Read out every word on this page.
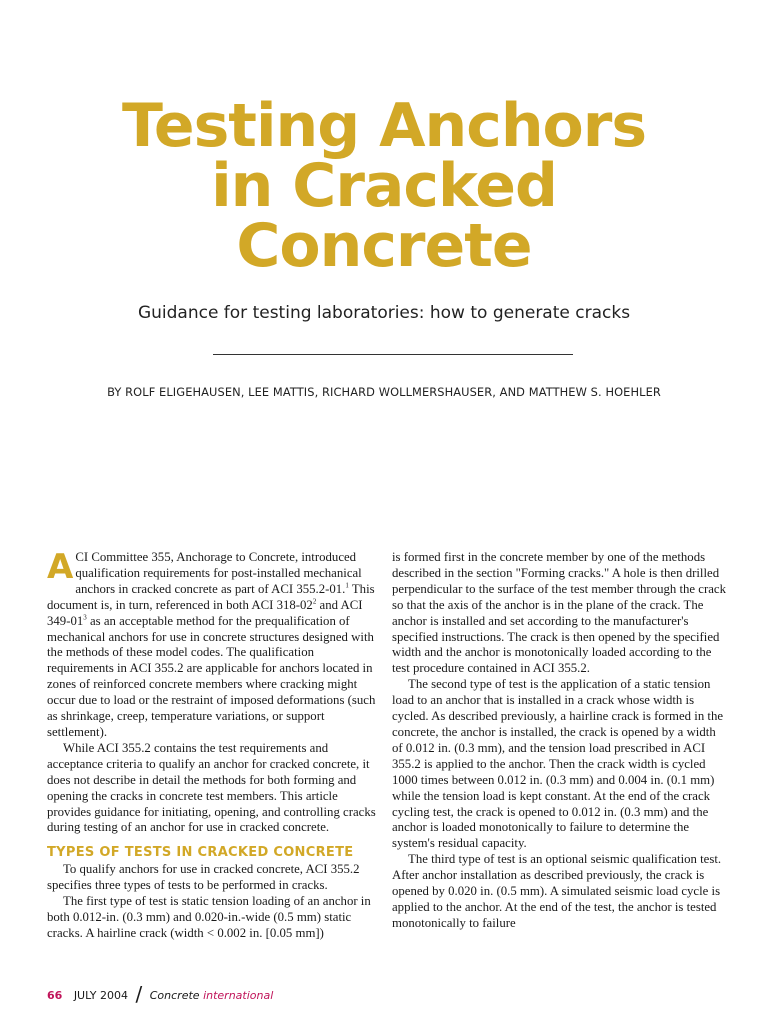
Testing Anchors
in Cracked
Concrete
Guidance for testing laboratories: how to generate cracks
BY ROLF ELIGEHAUSEN, LEE MATTIS, RICHARD WOLLMERSHAUSER, AND MATTHEW S. HOEHLER

ACI Committee 355, Anchorage to Concrete, introduced qualification requirements for post-installed mechanical anchors in cracked concrete as part of ACI 355.2-01.$^1$ This document is, in turn, referenced in both ACI $318-02^2$ and ACI $349-01^3$ as an acceptable method for the prequalification of mechanical anchors for use in concrete structures designed with the methods of these model codes. The qualification requirements in ACI 355.2 are applicable for anchors located in zones of reinforced concrete members where cracking might occur due to load or the restraint of imposed deformations (such as shrinkage, creep, temperature variations, or support settlement).

While ACI 355.2 contains the test requirements and acceptance criteria to qualify an anchor for cracked concrete, it does not describe in detail the methods for both forming and opening the cracks in concrete test members. This article provides guidance for initiating, opening, and controlling cracks during testing of an anchor for use in cracked concrete.

TYPES OF TESTS IN CRACKED CONCRETE

To qualify anchors for use in cracked concrete, ACI 355.2 specifies three types of tests to be performed in cracks.

The first type of test is static tension loading of an anchor in both 0.012-in. (0.3 mm) and 0.020-in.-wide (0.5 mm) static cracks. A hairline crack (width < 0.002 in. [0.05 mm])

is formed first in the concrete member by one of the methods described in the section "Forming cracks." A hole is then drilled perpendicular to the surface of the test member through the crack so that the axis of the anchor is in the plane of the crack. The anchor is installed and set according to the manufacturer's specified instructions. The crack is then opened by the specified width and the anchor is monotonically loaded according to the test procedure contained in ACI 355.2.

The second type of test is the application of a static tension load to an anchor that is installed in a crack whose width is cycled. As described previously, a hairline crack is formed in the concrete, the anchor is installed, the crack is opened by a width of 0.012 in. (0.3 mm), and the tension load prescribed in ACI 355.2 is applied to the anchor. Then the crack width is cycled 1000 times between 0.012 in. (0.3 mm) and 0.004 in. (0.1 mm) while the tension load is kept constant. At the end of the crack cycling test, the crack is opened to 0.012 in. (0.3 mm) and the anchor is loaded monotonically to failure to determine the system's residual capacity.

The third type of test is an optional seismic qualification test. After anchor installation as described previously, the crack is opened by 0.020 in. (0.5 mm). A simulated seismic load cycle is applied to the anchor. At the end of the test, the anchor is tested monotonically to failure

66 JULY 2004 / Concrete international
